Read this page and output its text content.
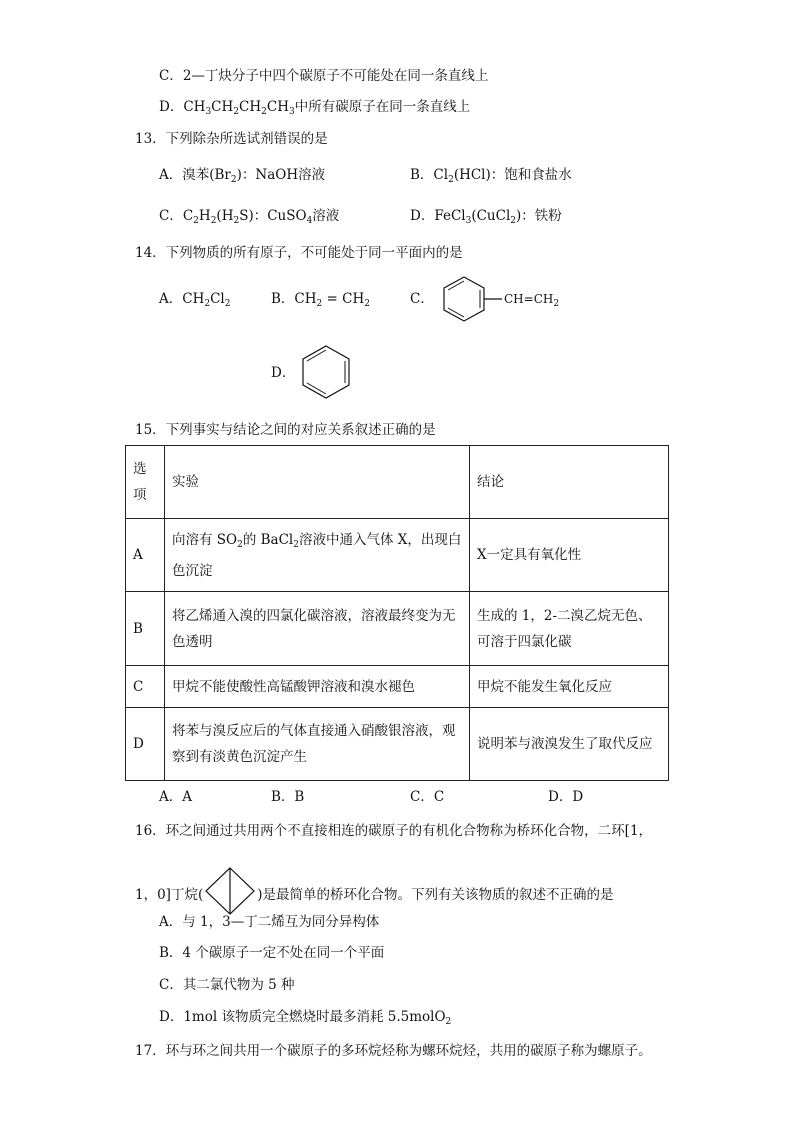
C．2—丁炔分子中四个碳原子不可能处在同一条直线上
D．$CH_3CH_2CH_2CH_3$中所有碳原子在同一条直线上
13．下列除杂所选试剂错误的是
A．溴苯$(Br_2)$：NaOH溶液	B．$Cl_2(HCl)$：饱和食盐水
C．$C_2H_2(H_2S)$：CuSO$_4$溶液	D．FeCl$_3$(CuCl$_2$)：铁粉
14．下列物质的所有原子，不可能处于同一平面内的是
A．$CH_2Cl_2$	B．$CH_2 = CH_2$	C．	$CH=CH_2$
D．
15．下列事实与结论之间的对应关系叙述正确的是
选项	实验	结论
A	向溶有 $SO_2$的 BaCl$_2$溶液中通入气体 X，出现白色沉淀	X一定具有氧化性
B	将乙烯通入溴的四氯化碳溶液，溶液最终变为无色透明	生成的 1，2-二溴乙烷无色、可溶于四氯化碳
C	甲烷不能使酸性高锰酸钾溶液和溴水褪色	甲烷不能发生氧化反应
D	将苯与溴反应后的气体直接通入硝酸银溶液，观察到有淡黄色沉淀产生	说明苯与液溴发生了取代反应
A．A	B．B	C．C	D．D
16．环之间通过共用两个不直接相连的碳原子的有机化合物称为桥环化合物，二环[1，
1，0]丁烷(	)是最简单的桥环化合物。下列有关该物质的叙述不正确的是
A．与 1，3—丁二烯互为同分异构体
B．4 个碳原子一定不处在同一个平面
C．其二氯代物为 5 种
D．1mol 该物质完全燃烧时最多消耗 5.5molO$_2$
17．环与环之间共用一个碳原子的多环烷烃称为螺环烷烃，共用的碳原子称为螺原子。
